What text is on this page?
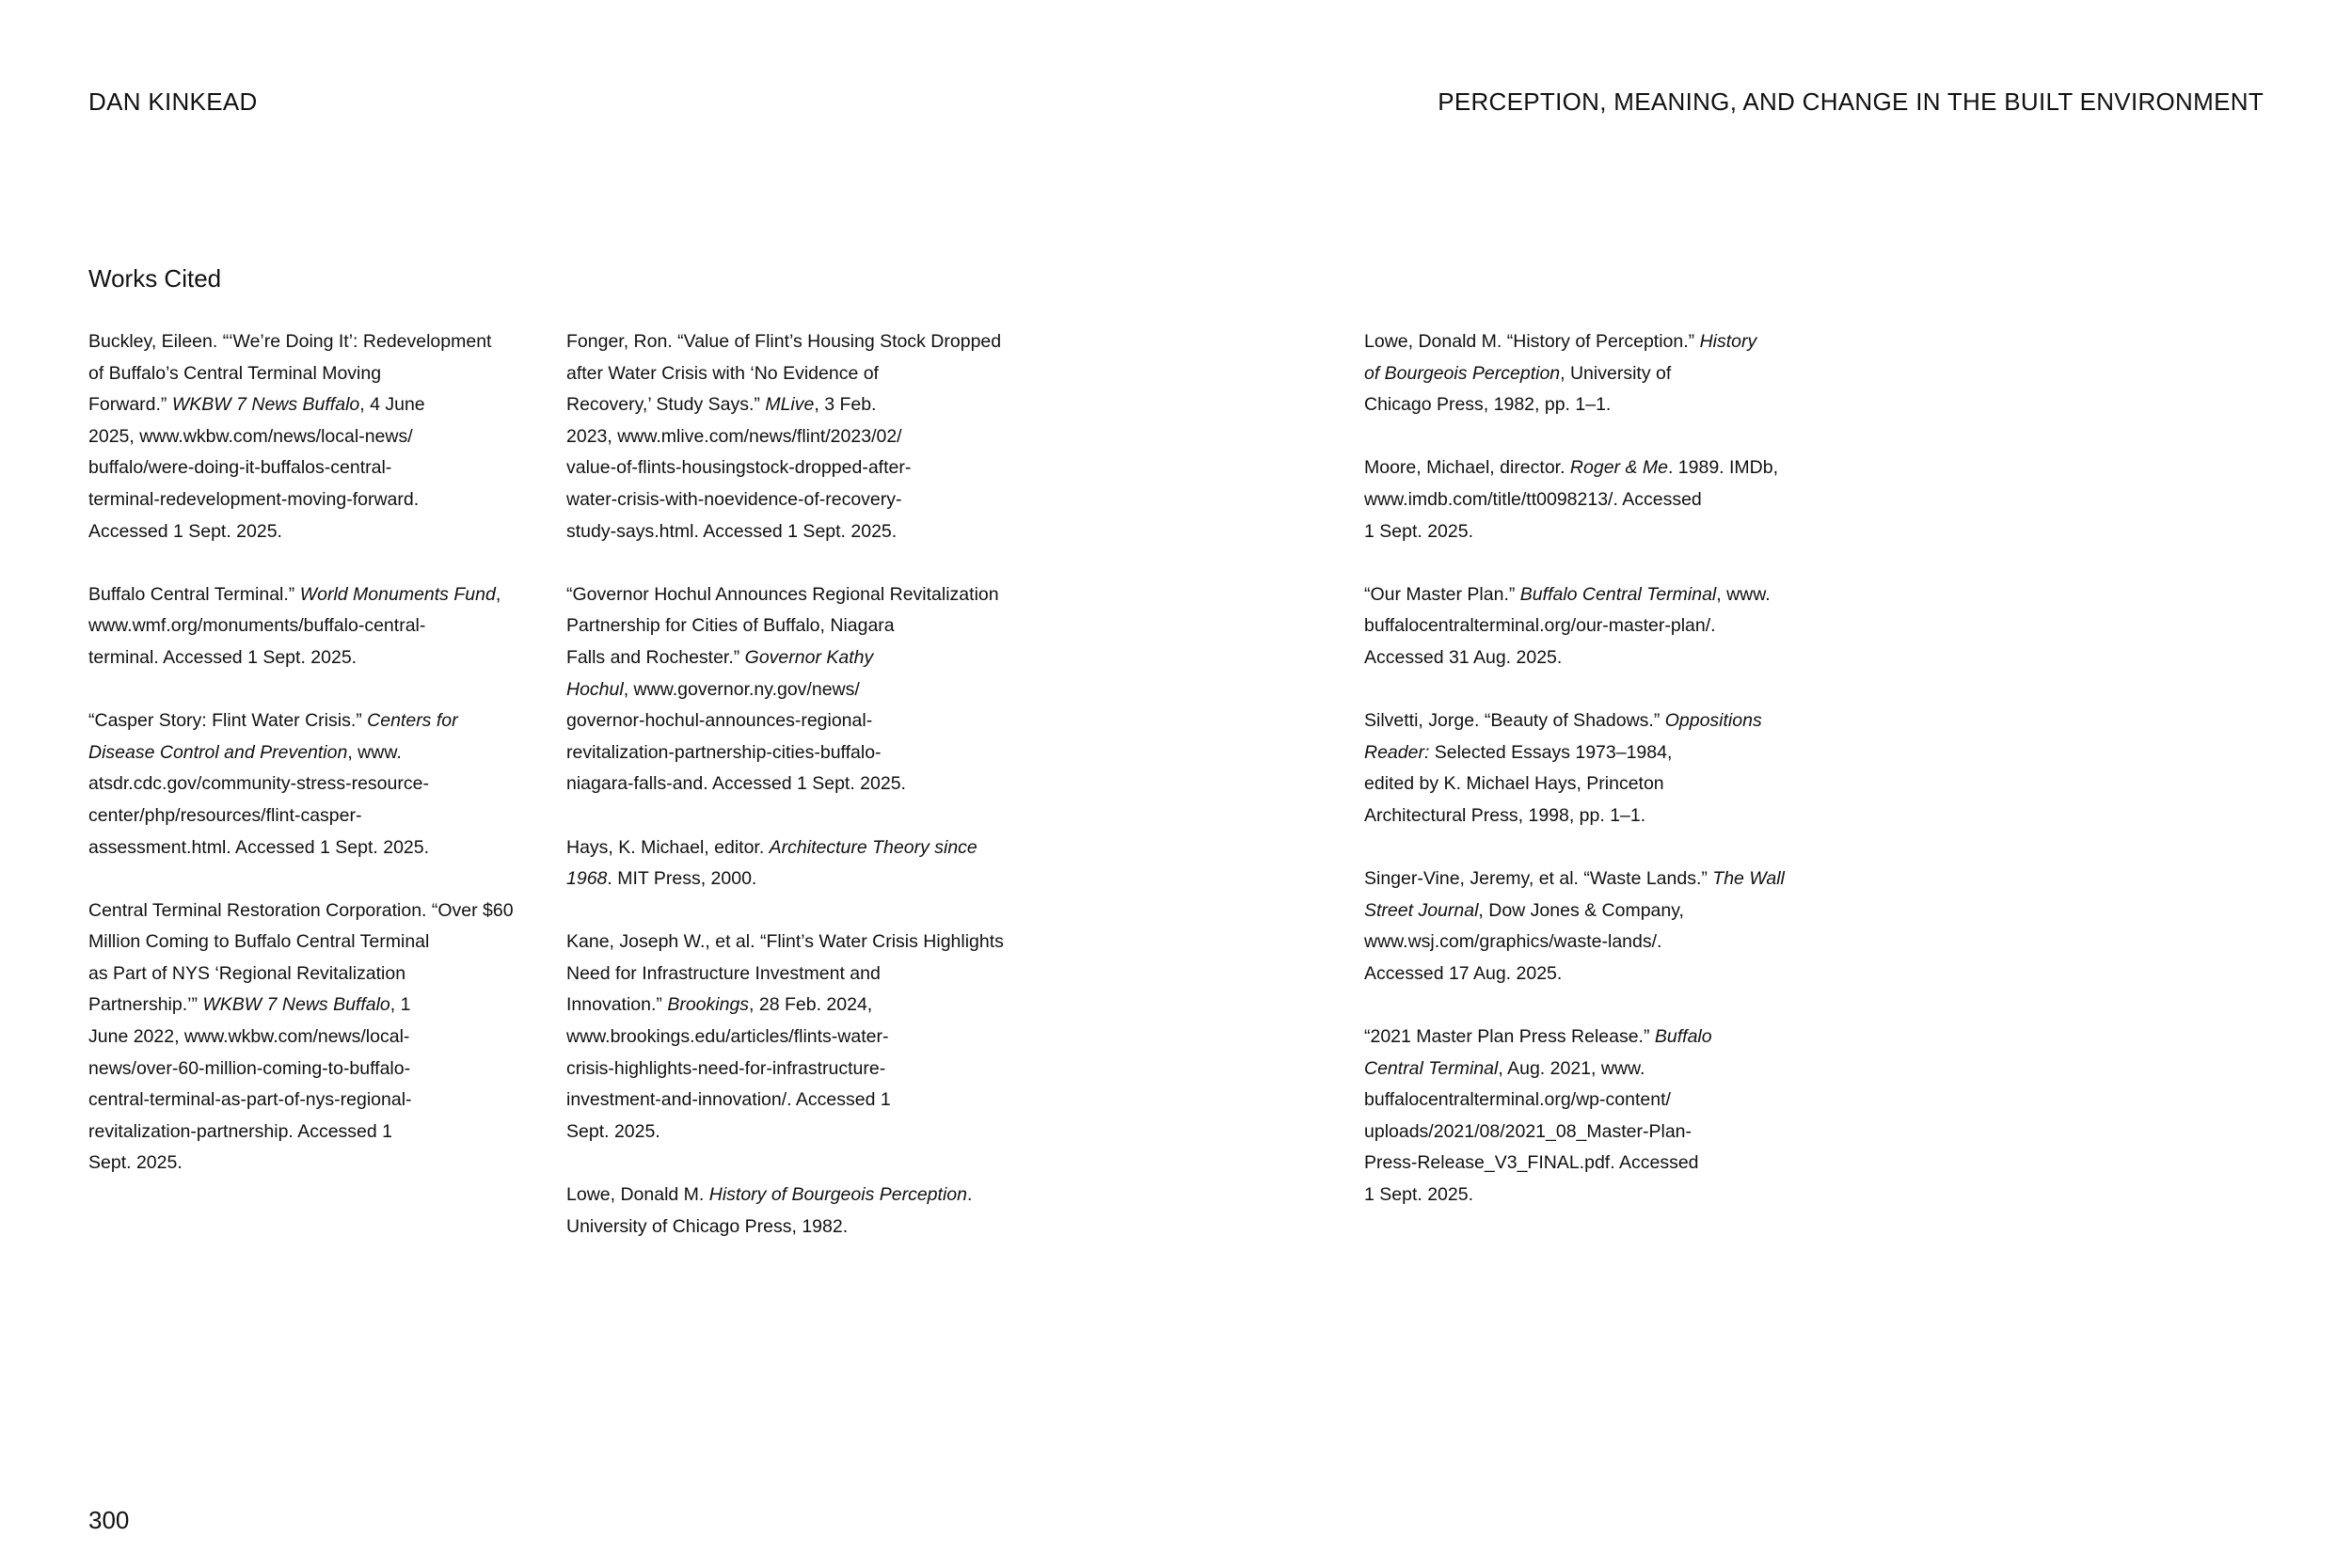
DAN KINKEAD	PERCEPTION, MEANING, AND CHANGE IN THE BUILT ENVIRONMENT
Works Cited
Buckley, Eileen. “‘We’re Doing It’: Redevelopment
of Buffalo’s Central Terminal Moving
Forward.” WKBW 7 News Buffalo, 4 June
2025, www.wkbw.com/news/local-news/
buffalo/were-doing-it-buffalos-central-
terminal-redevelopment-moving-forward.
Accessed 1 Sept. 2025.
Buffalo Central Terminal.” World Monuments Fund,
www.wmf.org/monuments/buffalo-central-
terminal. Accessed 1 Sept. 2025.
“Casper Story: Flint Water Crisis.” Centers for
Disease Control and Prevention, www.
atsdr.cdc.gov/community-stress-resource-
center/php/resources/flint-casper-
assessment.html. Accessed 1 Sept. 2025.
Central Terminal Restoration Corporation. “Over $60
Million Coming to Buffalo Central Terminal
as Part of NYS ‘Regional Revitalization
Partnership.’” WKBW 7 News Buffalo, 1
June 2022, www.wkbw.com/news/local-
news/over-60-million-coming-to-buffalo-
central-terminal-as-part-of-nys-regional-
revitalization-partnership. Accessed 1
Sept. 2025.
Fonger, Ron. “Value of Flint’s Housing Stock Dropped
after Water Crisis with ‘No Evidence of
Recovery,’ Study Says.” MLive, 3 Feb.
2023, www.mlive.com/news/flint/2023/02/
value-of-flints-housingstock-dropped-after-
water-crisis-with-noevidence-of-recovery-
study-says.html. Accessed 1 Sept. 2025.
“Governor Hochul Announces Regional Revitalization
Partnership for Cities of Buffalo, Niagara
Falls and Rochester.” Governor Kathy
Hochul, www.governor.ny.gov/news/
governor-hochul-announces-regional-
revitalization-partnership-cities-buffalo-
niagara-falls-and. Accessed 1 Sept. 2025.
Hays, K. Michael, editor. Architecture Theory since
1968. MIT Press, 2000.
Kane, Joseph W., et al. “Flint’s Water Crisis Highlights
Need for Infrastructure Investment and
Innovation.” Brookings, 28 Feb. 2024,
www.brookings.edu/articles/flints-water-
crisis-highlights-need-for-infrastructure-
investment-and-innovation/. Accessed 1
Sept. 2025.
Lowe, Donald M. History of Bourgeois Perception.
University of Chicago Press, 1982.
Lowe, Donald M. “History of Perception.” History
of Bourgeois Perception, University of
Chicago Press, 1982, pp. 1–1.
Moore, Michael, director. Roger & Me. 1989. IMDb,
www.imdb.com/title/tt0098213/. Accessed
1 Sept. 2025.
“Our Master Plan.” Buffalo Central Terminal, www.
buffalocentralterminal.org/our-master-plan/.
Accessed 31 Aug. 2025.
Silvetti, Jorge. “Beauty of Shadows.” Oppositions
Reader: Selected Essays 1973–1984,
edited by K. Michael Hays, Princeton
Architectural Press, 1998, pp. 1–1.
Singer-Vine, Jeremy, et al. “Waste Lands.” The Wall
Street Journal, Dow Jones & Company,
www.wsj.com/graphics/waste-lands/.
Accessed 17 Aug. 2025.
“2021 Master Plan Press Release.” Buffalo
Central Terminal, Aug. 2021, www.
buffalocentralterminal.org/wp-content/
uploads/2021/08/2021_08_Master-Plan-
Press-Release_V3_FINAL.pdf. Accessed
1 Sept. 2025.
300
